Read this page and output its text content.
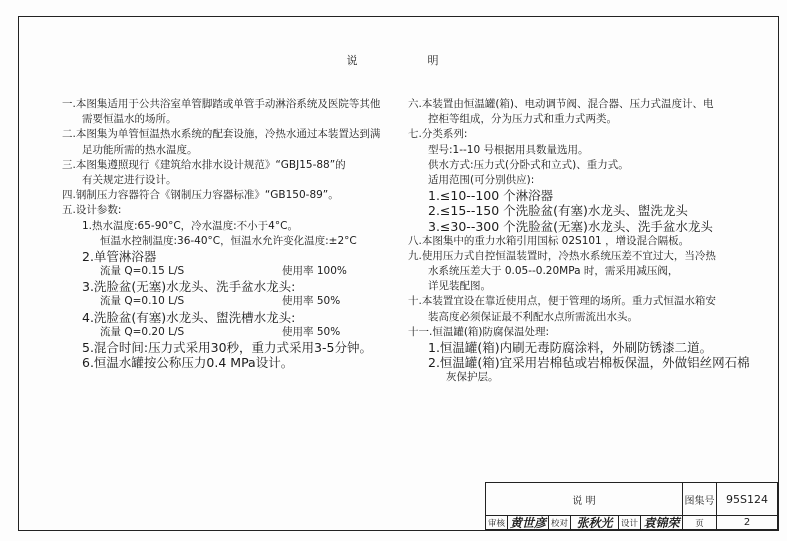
说	明
一.本图集适用于公共浴室单管脚踏或单管手动淋浴系统及医院等其他
需要恒温水的场所。
二.本图集为单管恒温热水系统的配套设施，冷热水通过本装置达到满
足功能所需的热水温度。
三.本图集遵照现行《建筑给水排水设计规范》“GBJ15-88”的
有关规定进行设计。
四.钢制压力容器符合《钢制压力容器标准》“GB150-89”。
五.设计参数:
1.热水温度:65-90°C，冷水温度:不小于4°C。
恒温水控制温度:36-40°C，恒温水允许变化温度:±2°C
2.单管淋浴器
流量 Q=0.15 L/S	使用率 100%
3.洗脸盆(无塞)水龙头、洗手盆水龙头:
流量 Q=0.10 L/S	使用率 50%
4.洗脸盆(有塞)水龙头、盥洗槽水龙头:
流量 Q=0.20 L/S	使用率 50%
5.混合时间:压力式采用30秒，重力式采用3-5分钟。
6.恒温水罐按公称压力0.4 MPa设计。
六.本装置由恒温罐(箱)、电动调节阀、混合器、压力式温度计、电
控柜等组成，分为压力式和重力式两类。
七.分类系列:
型号:1--10 号根据用具数量选用。
供水方式:压力式(分卧式和立式)、重力式。
适用范围(可分别供应):
1.≤10--100 个淋浴器
2.≤15--150 个洗脸盆(有塞)水龙头、盥洗龙头
3.≤30--300 个洗脸盆(无塞)水龙头、洗手盆水龙头
八.本图集中的重力水箱引用国标 02S101 ，增设混合隔板。
九.使用压力式自控恒温装置时，冷热水系统压差不宜过大，当冷热
水系统压差大于 0.05--0.20MPa 时，需采用减压阀，
详见装配图。
十.本装置宜设在靠近使用点，便于管理的场所。重力式恒温水箱安
装高度必须保证最不利配水点所需流出水头。
十一.恒温罐(箱)防腐保温处理:
1.恒温罐(箱)内刷无毒防腐涂料，外刷防锈漆二道。
2.恒温罐(箱)宜采用岩棉毡或岩棉板保温，外做铝丝网石棉
灰保护层。
说 明	图集号	95S124
审核 黄世彦 校对 张秋光 设计 袁锦荣	页	2
